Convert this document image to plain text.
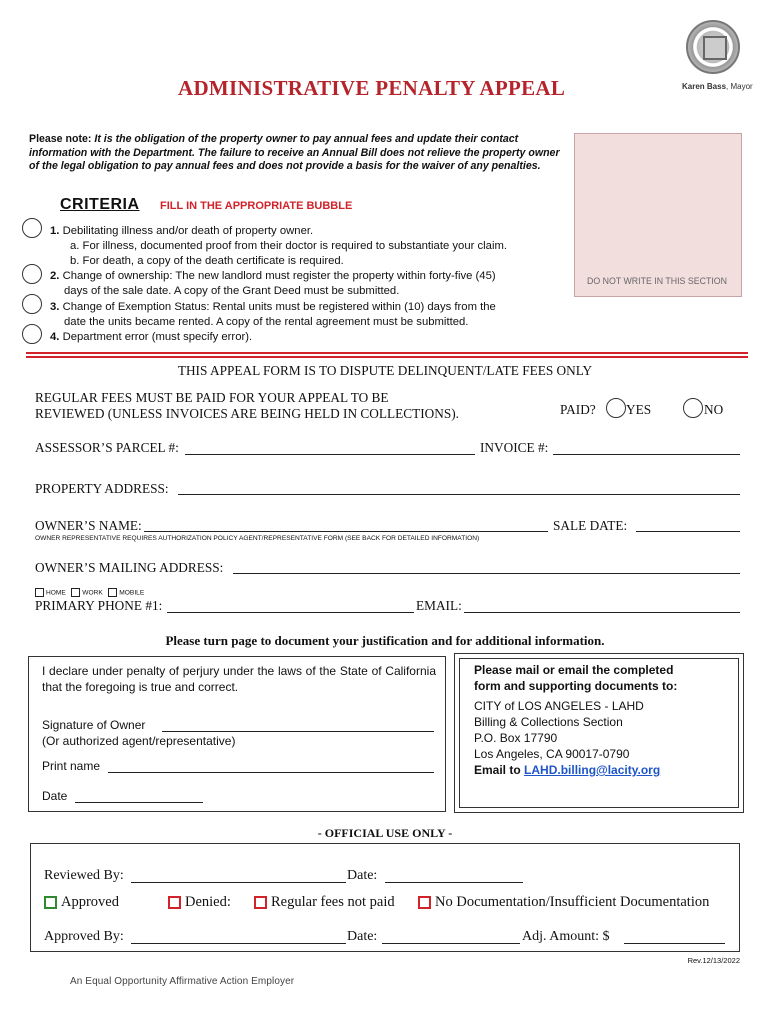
Karen Bass, Mayor
ADMINISTRATIVE PENALTY APPEAL
Please note: It is the obligation of the property owner to pay annual fees and update their contact information with the Department. The failure to receive an Annual Bill does not relieve the property owner of the legal obligation to pay annual fees and does not provide a basis for the waiver of any penalties.
DO NOT WRITE IN THIS SECTION
CRITERIA FILL IN THE APPROPRIATE BUBBLE
1. Debilitating illness and/or death of property owner.
a. For illness, documented proof from their doctor is required to substantiate your claim.
b. For death, a copy of the death certificate is required.
2. Change of ownership: The new landlord must register the property within forty-five (45)
days of the sale date. A copy of the Grant Deed must be submitted.
3. Change of Exemption Status: Rental units must be registered within (10) days from the
date the units became rented. A copy of the rental agreement must be submitted.
4. Department error (must specify error).
THIS APPEAL FORM IS TO DISPUTE DELINQUENT/LATE FEES ONLY
REGULAR FEES MUST BE PAID FOR YOUR APPEAL TO BE
REVIEWED (UNLESS INVOICES ARE BEING HELD IN COLLECTIONS).	PAID? YES	NO
ASSESSOR’S PARCEL #:	INVOICE #:
PROPERTY ADDRESS:
OWNER’S NAME:	SALE DATE:
OWNER REPRESENTATIVE REQUIRES AUTHORIZATION POLICY AGENT/REPRESENTATIVE FORM (SEE BACK FOR DETAILED INFORMATION)
OWNER’S MAILING ADDRESS:
HOME	WORK	MOBILE
PRIMARY PHONE #1:	EMAIL:
Please turn page to document your justification and for additional information.
I declare under penalty of perjury under the laws of the State of California that the foregoing is true and correct.
Signature of Owner
(Or authorized agent/representative)
Print name
Date
Please mail or email the completed
form and supporting documents to:
CITY of LOS ANGELES - LAHD
Billing & Collections Section
P.O. Box 17790
Los Angeles, CA 90017-0790
Email to LAHD.billing@lacity.org
- OFFICIAL USE ONLY -
Reviewed By:	Date:
Approved	Denied:	Regular fees not paid	No Documentation/Insufficient Documentation
Approved By:	Date:	Adj. Amount: $
Rev.12/13/2022
An Equal Opportunity Affirmative Action Employer
